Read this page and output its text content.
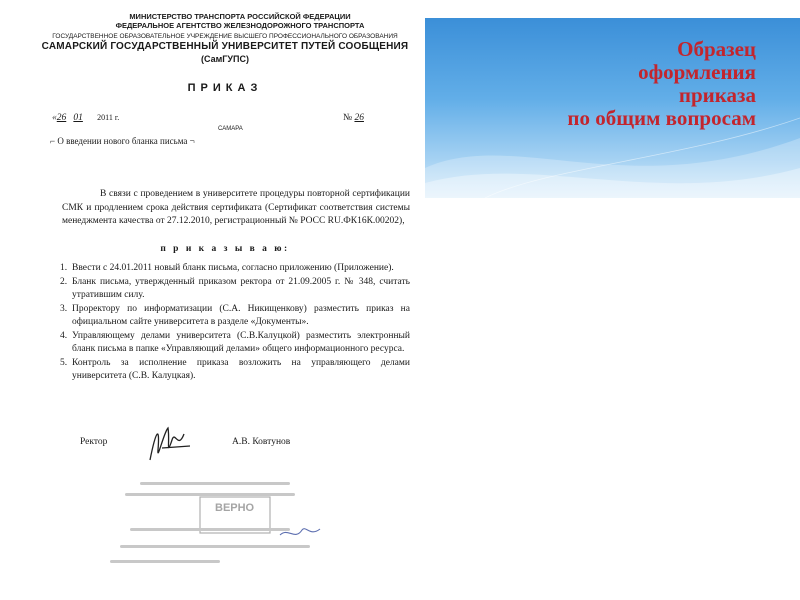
МИНИСТЕРСТВО ТРАНСПОРТА РОССИЙСКОЙ ФЕДЕРАЦИИ
ФЕДЕРАЛЬНОЕ АГЕНТСТВО ЖЕЛЕЗНОДОРОЖНОГО ТРАНСПОРТА
ГОСУДАРСТВЕННОЕ ОБРАЗОВАТЕЛЬНОЕ УЧРЕЖДЕНИЕ ВЫСШЕГО ПРОФЕССИОНАЛЬНОГО ОБРАЗОВАНИЯ
САМАРСКИЙ ГОСУДАРСТВЕННЫЙ УНИВЕРСИТЕТ ПУТЕЙ СООБЩЕНИЯ
(СамГУПС)
ПРИКАЗ
«26 01 2011 г.
САМАРА
№ 26
⌐ О введении нового бланка письма ¬
В связи с проведением в университете процедуры повторной сертификации СМК и продлением срока действия сертификата (Сертификат соответствия системы менеджмента качества от 27.12.2010, регистрационный № РОСС RU.ФК16К.00202),
п р и к а з ы в а ю:
1. Ввести с 24.01.2011 новый бланк письма, согласно приложению (Приложение).
2. Бланк письма, утвержденный приказом ректора от 21.09.2005 г. № 348, считать утратившим силу.
3. Проректору по информатизации (С.А. Никищенкову) разместить приказ на официальном сайте университета в разделе «Документы».
4. Управляющему делами университета (С.В.Калуцкой) разместить электронный бланк письма в папке «Управляющий делами» общего информационного ресурса.
5. Контроль за исполнение приказа возложить на управляющего делами университета (С.В. Калуцкая).
Ректор	А.В. Ковтунов
ВЕРНО
Образец
оформления
приказа
по общим вопросам
